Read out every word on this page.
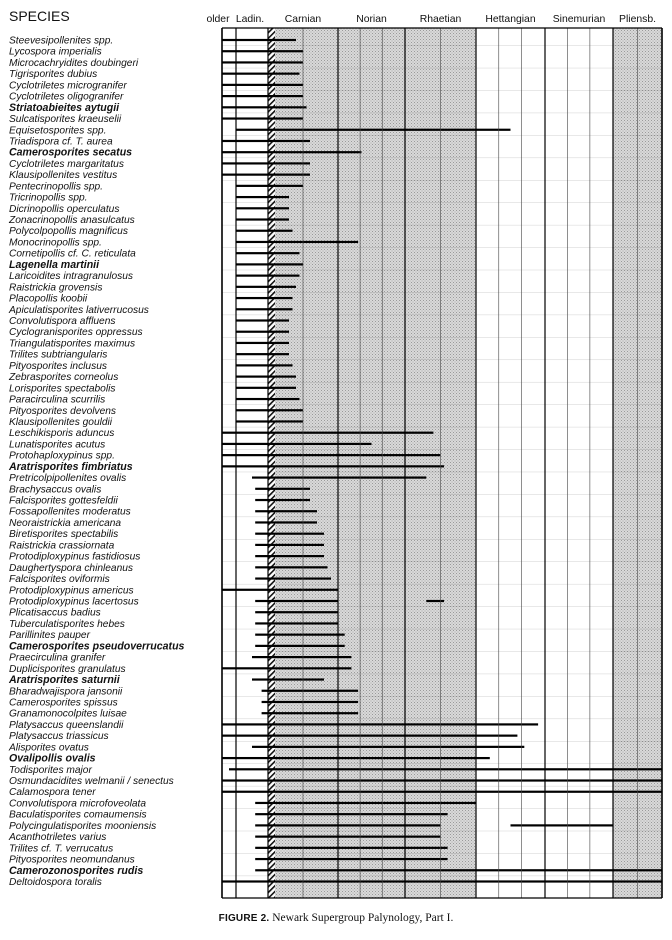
Steevesipollenites spp.
Lycospora imperialis
Microcachryidites doubingeri
Tigrisporites dubius
Cyclotriletes microgranifer
Cyclotriletes oligogranifer
Striatoabieites aytugii
Sulcatisporites kraeuselii
Equisetosporites spp.
Triadispora cf. T. aurea
Camerosporites secatus
Cyclotriletes margaritatus
Klausipollenites vestitus
Pentecrinopollis spp.
Tricrinopollis spp.
Dicrinopollis operculatus
Zonacrinopollis anasulcatus
Polycolpopollis magnificus
Monocrinopollis spp.
Cornetipollis cf. C. reticulata
Lagenella martinii
Laricoidites intragranulosus
Raistrickia grovensis
Placopollis koobii
Apiculatisporites lativerrucosus
Convolutispora affluens
Cyclogranisporites oppressus
Triangulatisporites maximus
Trilites subtriangularis
Pityosporites inclusus
Zebrasporites corneolus
Lorisporites spectabolis
Paracirculina scurrilis
Pityosporites devolvens
Klausipollenites gouldii
Leschikisporis aduncus
Lunatisporites acutus
Protohaploxypinus spp.
Aratrisporites fimbriatus
Pretricolpipollenites ovalis
Brachysaccus ovalis
Falcisporites gottesfeldii
Fossapollenites moderatus
Neoraistrickia americana
Biretisporites spectabilis
Raistrickia crassiornata
Protodiploxypinus fastidiosus
Daughertyspora chinleanus
Falcisporites oviformis
Protodiploxypinus americus
Protodiploxypinus lacertosus
Plicatisaccus badius
Tuberculatisporites hebes
Parillinites pauper
Camerosporites pseudoverrucatus
Praecirculina granifer
Duplicisporites granulatus
Aratrisporites saturnii
Bharadwajispora jansonii
Camerosporites spissus
Granamonocolpites luisae
Platysaccus queenslandii
Platysaccus triassicus
Alisporites ovatus
Ovalipollis ovalis
Todisporites major
Osmundacidites welmanii / senectus
Calamospora tener
Convolutispora microfoveolata
Baculatisporites comaumensis
Polycingulatisporites mooniensis
Acanthotriletes varius
Trilites cf. T. verrucatus
Pityosporites neomundanus
Camerozonosporites rudis
Deltoidospora toralis
SPECIES	older Ladin. Carnian	Norian	Rhaetian Hettangian Sinemurian Pliensb.
FIGURE 2. Newark Supergroup Palynology, Part I.
